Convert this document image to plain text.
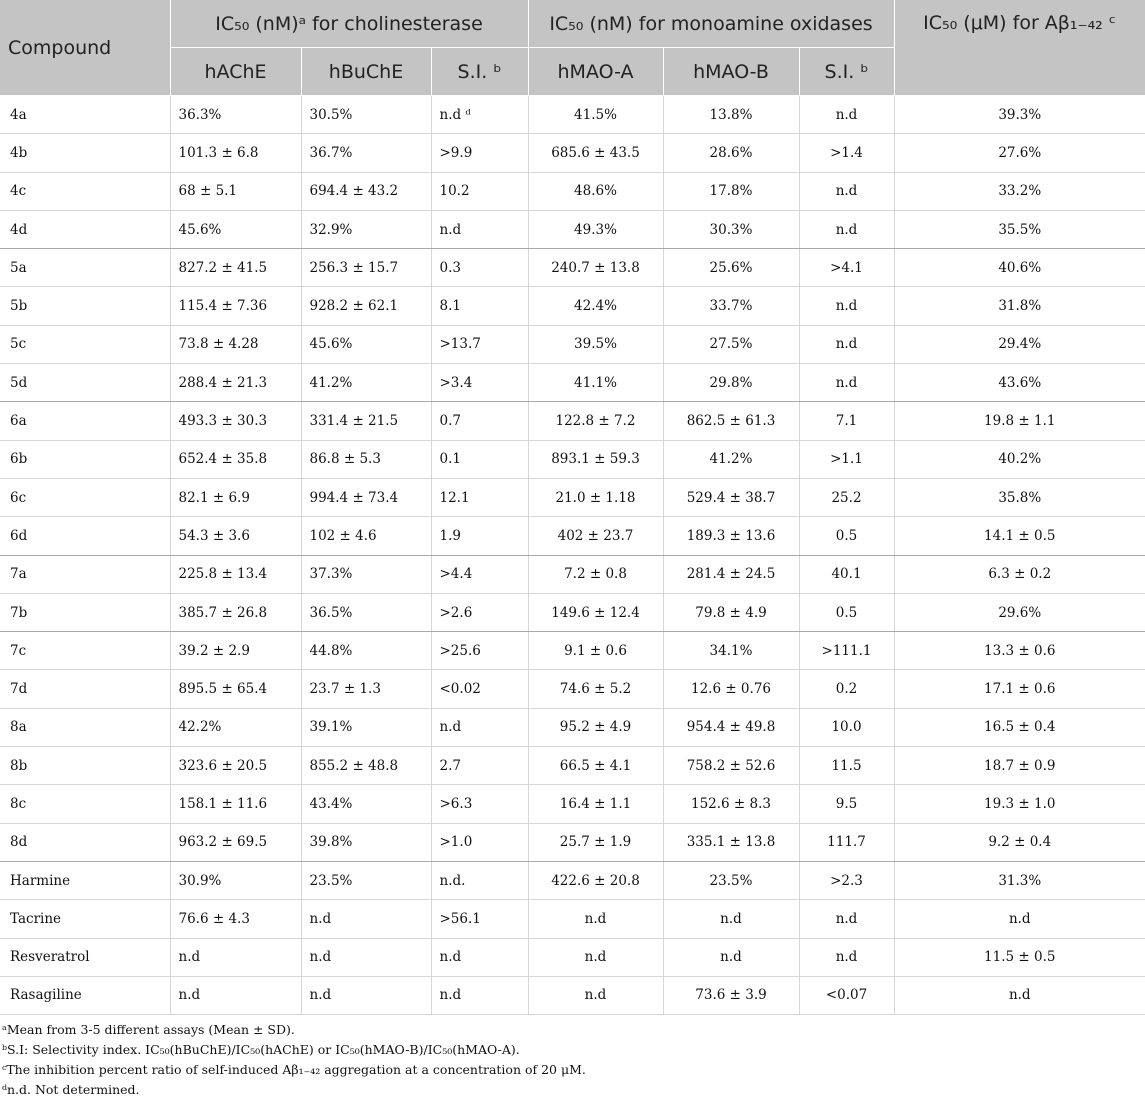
Compound	IC₅₀ (nM)ᵃ for cholinesterase			IC₅₀ (nM) for monoamine oxidases			IC₅₀ (μM) for Aβ₁₋₄₂ ᶜ
	hAChE	hBuChE	S.I. ᵇ	hMAO-A	hMAO-B	S.I. ᵇ	
4a	36.3%	30.5%	n.d ᵈ	41.5%	13.8%	n.d	39.3%
4b	101.3 ± 6.8	36.7%	>9.9	685.6 ± 43.5	28.6%	>1.4	27.6%
4c	68 ± 5.1	694.4 ± 43.2	10.2	48.6%	17.8%	n.d	33.2%
4d	45.6%	32.9%	n.d	49.3%	30.3%	n.d	35.5%
5a	827.2 ± 41.5	256.3 ± 15.7	0.3	240.7 ± 13.8	25.6%	>4.1	40.6%
5b	115.4 ± 7.36	928.2 ± 62.1	8.1	42.4%	33.7%	n.d	31.8%
5c	73.8 ± 4.28	45.6%	>13.7	39.5%	27.5%	n.d	29.4%
5d	288.4 ± 21.3	41.2%	>3.4	41.1%	29.8%	n.d	43.6%
6a	493.3 ± 30.3	331.4 ± 21.5	0.7	122.8 ± 7.2	862.5 ± 61.3	7.1	19.8 ± 1.1
6b	652.4 ± 35.8	86.8 ± 5.3	0.1	893.1 ± 59.3	41.2%	>1.1	40.2%
6c	82.1 ± 6.9	994.4 ± 73.4	12.1	21.0 ± 1.18	529.4 ± 38.7	25.2	35.8%
6d	54.3 ± 3.6	102 ± 4.6	1.9	402 ± 23.7	189.3 ± 13.6	0.5	14.1 ± 0.5
7a	225.8 ± 13.4	37.3%	>4.4	7.2 ± 0.8	281.4 ± 24.5	40.1	6.3 ± 0.2
7b	385.7 ± 26.8	36.5%	>2.6	149.6 ± 12.4	79.8 ± 4.9	0.5	29.6%
7c	39.2 ± 2.9	44.8%	>25.6	9.1 ± 0.6	34.1%	>111.1	13.3 ± 0.6
7d	895.5 ± 65.4	23.7 ± 1.3	<0.02	74.6 ± 5.2	12.6 ± 0.76	0.2	17.1 ± 0.6
8a	42.2%	39.1%	n.d	95.2 ± 4.9	954.4 ± 49.8	10.0	16.5 ± 0.4
8b	323.6 ± 20.5	855.2 ± 48.8	2.7	66.5 ± 4.1	758.2 ± 52.6	11.5	18.7 ± 0.9
8c	158.1 ± 11.6	43.4%	>6.3	16.4 ± 1.1	152.6 ± 8.3	9.5	19.3 ± 1.0
8d	963.2 ± 69.5	39.8%	>1.0	25.7 ± 1.9	335.1 ± 13.8	111.7	9.2 ± 0.4
Harmine	30.9%	23.5%	n.d.	422.6 ± 20.8	23.5%	>2.3	31.3%
Tacrine	76.6 ± 4.3	n.d	>56.1	n.d	n.d	n.d	n.d
Resveratrol	n.d	n.d	n.d	n.d	n.d	n.d	11.5 ± 0.5
Rasagiline	n.d	n.d	n.d	n.d	73.6 ± 3.9	<0.07	n.d
ᵃMean from 3-5 different assays (Mean ± SD).
ᵇS.I: Selectivity index. IC₅₀(hBuChE)/IC₅₀(hAChE) or IC₅₀(hMAO-B)/IC₅₀(hMAO-A).
ᶜThe inhibition percent ratio of self-induced Aβ₁₋₄₂ aggregation at a concentration of 20 μM.
ᵈn.d. Not determined.
